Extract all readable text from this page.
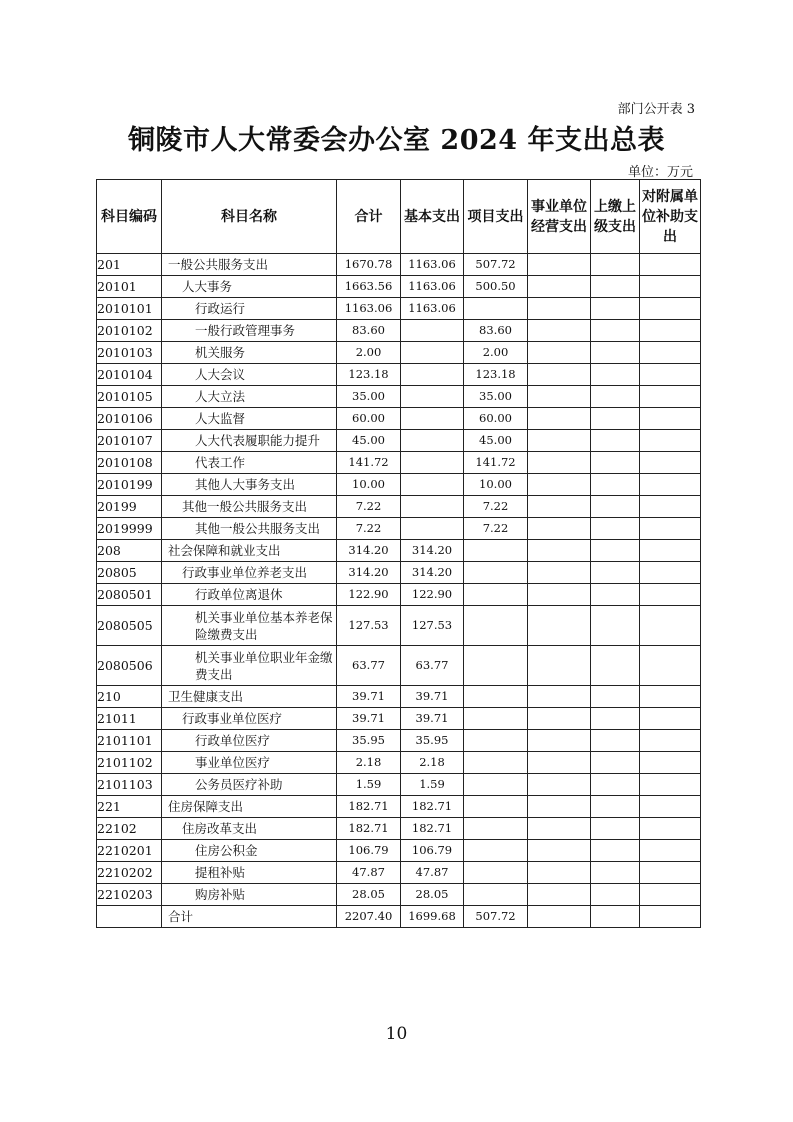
部门公开表 3
铜陵市人大常委会办公室 2024 年支出总表
单位：万元
科目编码	科目名称	合计	基本支出	项目支出	事业单位经营支出	上缴上级支出	对附属单位补助支出
201	一般公共服务支出	1670.78	1163.06	507.72			
20101	人大事务	1663.56	1163.06	500.50			
2010101	行政运行	1163.06	1163.06				
2010102	一般行政管理事务	83.60		83.60			
2010103	机关服务	2.00		2.00			
2010104	人大会议	123.18		123.18			
2010105	人大立法	35.00		35.00			
2010106	人大监督	60.00		60.00			
2010107	人大代表履职能力提升	45.00		45.00			
2010108	代表工作	141.72		141.72			
2010199	其他人大事务支出	10.00		10.00			
20199	其他一般公共服务支出	7.22		7.22			
2019999	其他一般公共服务支出	7.22		7.22			
208	社会保障和就业支出	314.20	314.20				
20805	行政事业单位养老支出	314.20	314.20				
2080501	行政单位离退休	122.90	122.90				
2080505	机关事业单位基本养老保险缴费支出	127.53	127.53				
2080506	机关事业单位职业年金缴费支出	63.77	63.77				
210	卫生健康支出	39.71	39.71				
21011	行政事业单位医疗	39.71	39.71				
2101101	行政单位医疗	35.95	35.95				
2101102	事业单位医疗	2.18	2.18				
2101103	公务员医疗补助	1.59	1.59				
221	住房保障支出	182.71	182.71				
22102	住房改革支出	182.71	182.71				
2210201	住房公积金	106.79	106.79				
2210202	提租补贴	47.87	47.87				
2210203	购房补贴	28.05	28.05				
	合计	2207.40	1699.68	507.72			
10
